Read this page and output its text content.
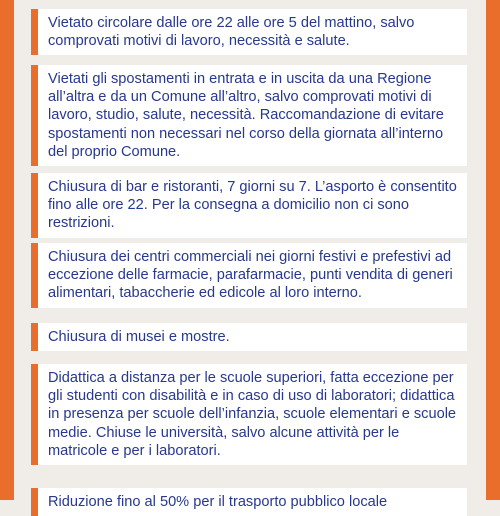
Vietato circolare dalle ore 22 alle ore 5 del mattino, salvo comprovati motivi di lavoro, necessità e salute.

Vietati gli spostamenti in entrata e in uscita da una Regione all’altra e da un Comune all’altro, salvo comprovati motivi di lavoro, studio, salute, necessità. Raccomandazione di evitare spostamenti non necessari nel corso della giornata all’interno del proprio Comune.

Chiusura di bar e ristoranti, 7 giorni su 7. L’asporto è consentito fino alle ore 22. Per la consegna a domicilio non ci sono restrizioni.

Chiusura dei centri commerciali nei giorni festivi e prefestivi ad eccezione delle farmacie, parafarmacie, punti vendita di generi alimentari, tabaccherie ed edicole al loro interno.

Chiusura di musei e mostre.

Didattica a distanza per le scuole superiori, fatta eccezione per gli studenti con disabilità e in caso di uso di laboratori; didattica in presenza per scuole dell’infanzia, scuole elementari e scuole medie. Chiuse le università, salvo alcune attività per le matricole e per i laboratori.

Riduzione fino al 50% per il trasporto pubblico locale
